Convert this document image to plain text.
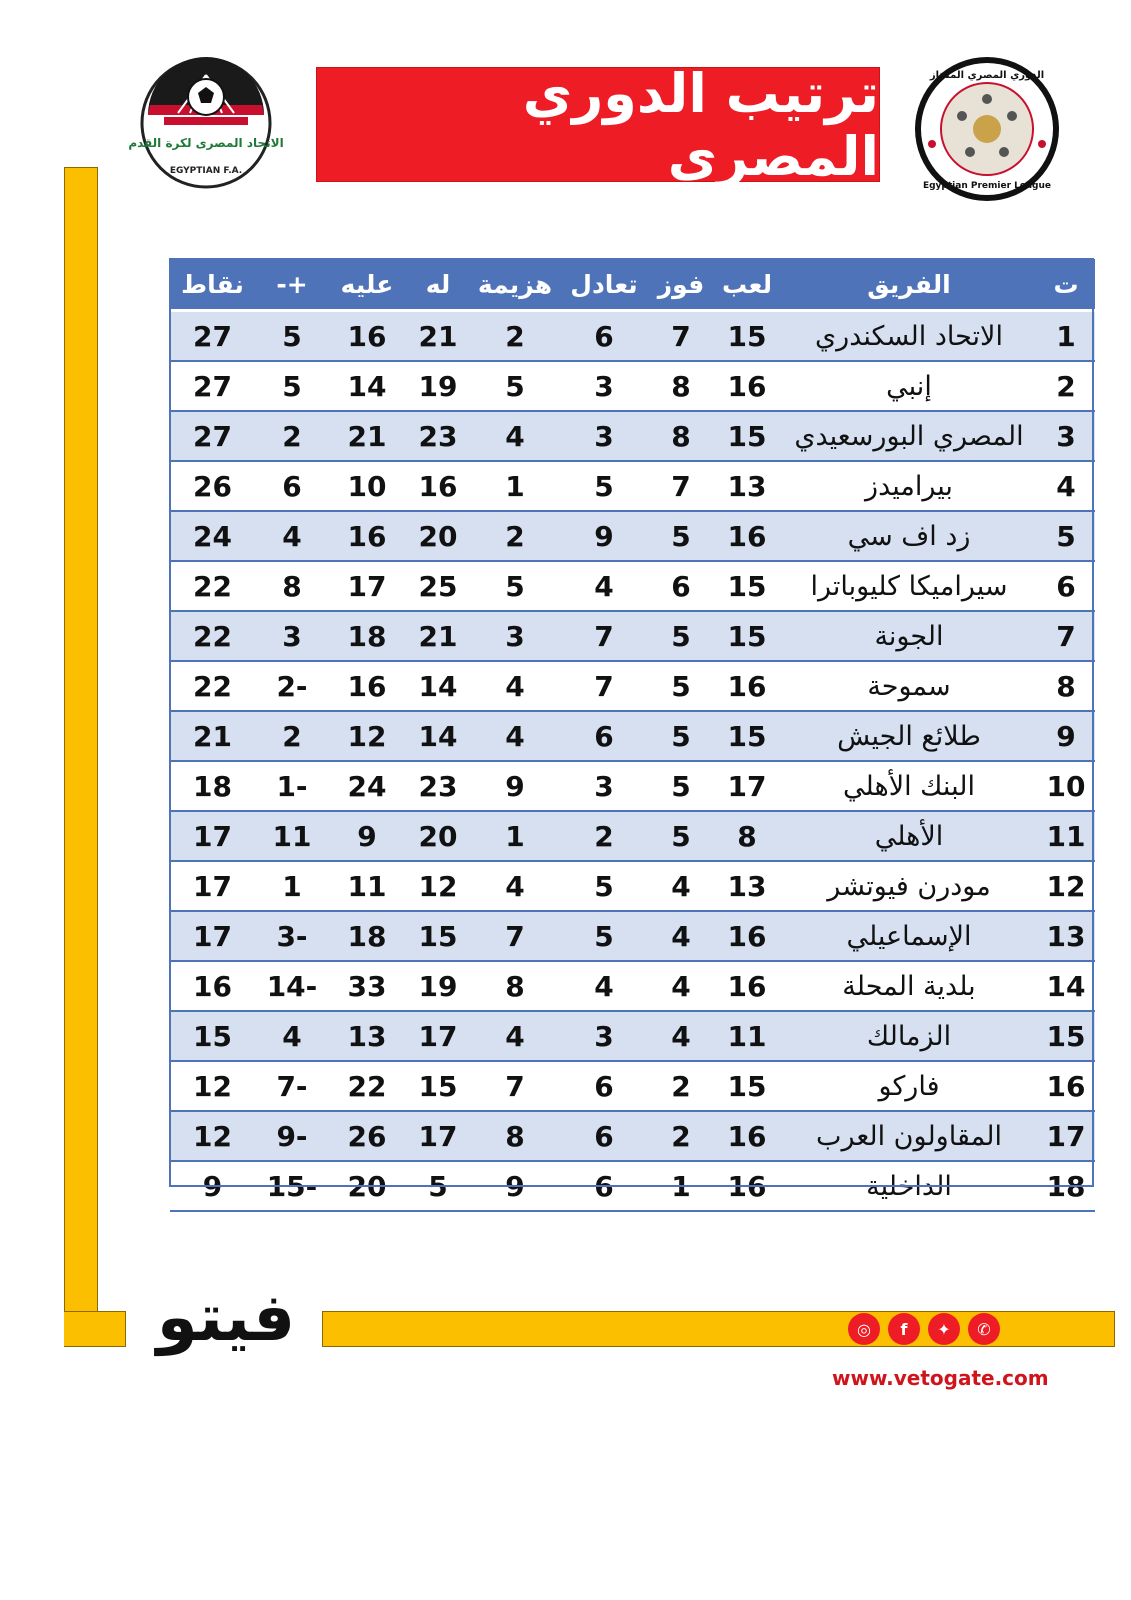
الاتحاد المصرى لكرة القدم
EGYPTIAN F.A.
ترتيب الدوري المصري
الدوري المصري الممتاز
Egyptian Premier League
ت	الفريق	لعب	فوز	تعادل	هزيمة	له	عليه	+-	نقاط
1	الاتحاد السكندري	15	7	6	2	21	16	5	27
2	إنبي	16	8	3	5	19	14	5	27
3	المصري البورسعيدي	15	8	3	4	23	21	2	27
4	بيراميدز	13	7	5	1	16	10	6	26
5	زد اف سي	16	5	9	2	20	16	4	24
6	سيراميكا كليوباترا	15	6	4	5	25	17	8	22
7	الجونة	15	5	7	3	21	18	3	22
8	سموحة	16	5	7	4	14	16	-2	22
9	طلائع الجيش	15	5	6	4	14	12	2	21
10	البنك الأهلي	17	5	3	9	23	24	-1	18
11	الأهلي	8	5	2	1	20	9	11	17
12	مودرن فيوتشر	13	4	5	4	12	11	1	17
13	الإسماعيلي	16	4	5	7	15	18	-3	17
14	بلدية المحلة	16	4	4	8	19	33	-14	16
15	الزمالك	11	4	3	4	17	13	4	15
16	فاركو	15	2	6	7	15	22	-7	12
17	المقاولون العرب	16	2	6	8	17	26	-9	12
18	الداخلية	16	1	6	9	5	20	-15	9
فيتو	◎	f	✦	✆
www.vetogate.com
